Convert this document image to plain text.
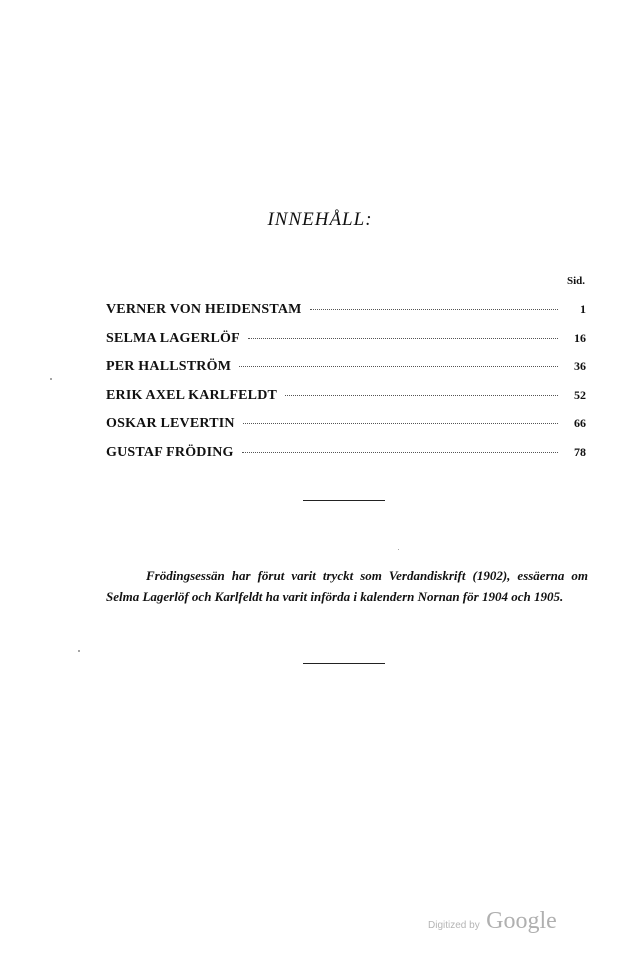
INNEHÅLL:

Sid.

VERNER VON HEIDENSTAM	1
SELMA LAGERLÖF	16
PER HALLSTRÖM	36
ERIK AXEL KARLFELDT	52
OSKAR LEVERTIN	66
GUSTAF FRÖDING	78

Frödingsessän har förut varit tryckt som Verdandiskrift (1902), essäerna om Selma Lagerlöf och Karlfeldt ha varit införda i kalendern Nornan för 1904 och 1905.

Digitized by Google
